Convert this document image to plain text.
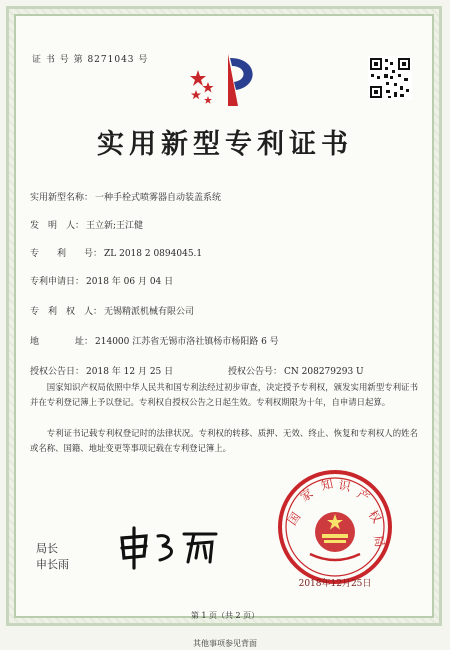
证 书 号 第 8271043 号
实用新型专利证书
实用新型名称： 一种手栓式喷雾器自动装盖系统
发　明　人： 王立新;王江健
专　　利　　号： ZL 2018 2 0894045.1
专利申请日： 2018 年 06 月 04 日
专　利　权　人： 无锡精派机械有限公司
地　　　　址： 214000 江苏省无锡市洛社镇杨市杨阳路 6 号
授权公告日： 2018 年 12 月 25 日	授权公告号： CN 208279293 U
国家知识产权局依照中华人民共和国专利法经过初步审查，决定授予专利权，颁发实用新型专利证书并在专利登记簿上予以登记。专利权自授权公告之日起生效。专利权期限为十年，自申请日起算。
专利证书记载专利权登记时的法律状况。专利权的转移、质押、无效、终止、恢复和专利权人的姓名或名称、国籍、地址变更等事项记载在专利登记簿上。
局长
申长雨
国
家
知 识
产
权
局
2018年12月25日
第 1 页（共 2 页）
其他事项参见背面
